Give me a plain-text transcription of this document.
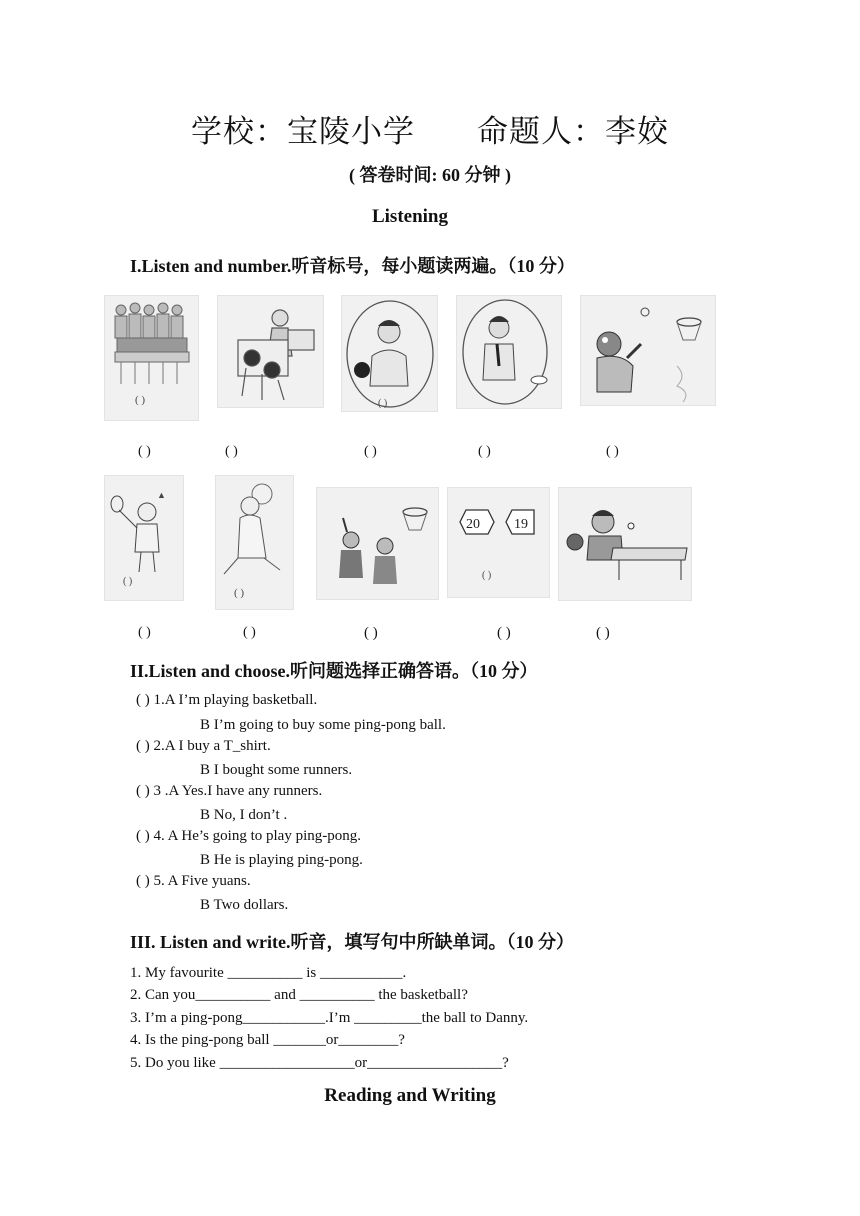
学校：宝陵小学 命题人：李姣
( 答卷时间: 60 分钟 )
Listening
I.Listen and number.听音标号，每小题读两遍。（10 分）
( )	( )
( )	( )	( )	( )	( )
▲
( )
( )
20 19
( )
( )	( )	( )	( )	( )
II.Listen and choose.听问题选择正确答语。（10 分）
( ) 1.A I’m playing basketball.
B I’m going to buy some ping-pong ball.
( ) 2.A I buy a T_shirt.
B I bought some runners.
( ) 3 .A Yes.I have any runners.
B No, I don’t .
( ) 4. A He’s going to play ping-pong.
B He is playing ping-pong.
( ) 5. A Five yuans.
B Two dollars.
III. Listen and write.听音，填写句中所缺单词。（10 分）
1. My favourite __________ is ___________.
2. Can you__________ and __________ the basketball?
3. I’m a ping-pong___________.I’m _________the ball to Danny.
4. Is the ping-pong ball _______or________?
5. Do you like __________________or__________________?
Reading and Writing
